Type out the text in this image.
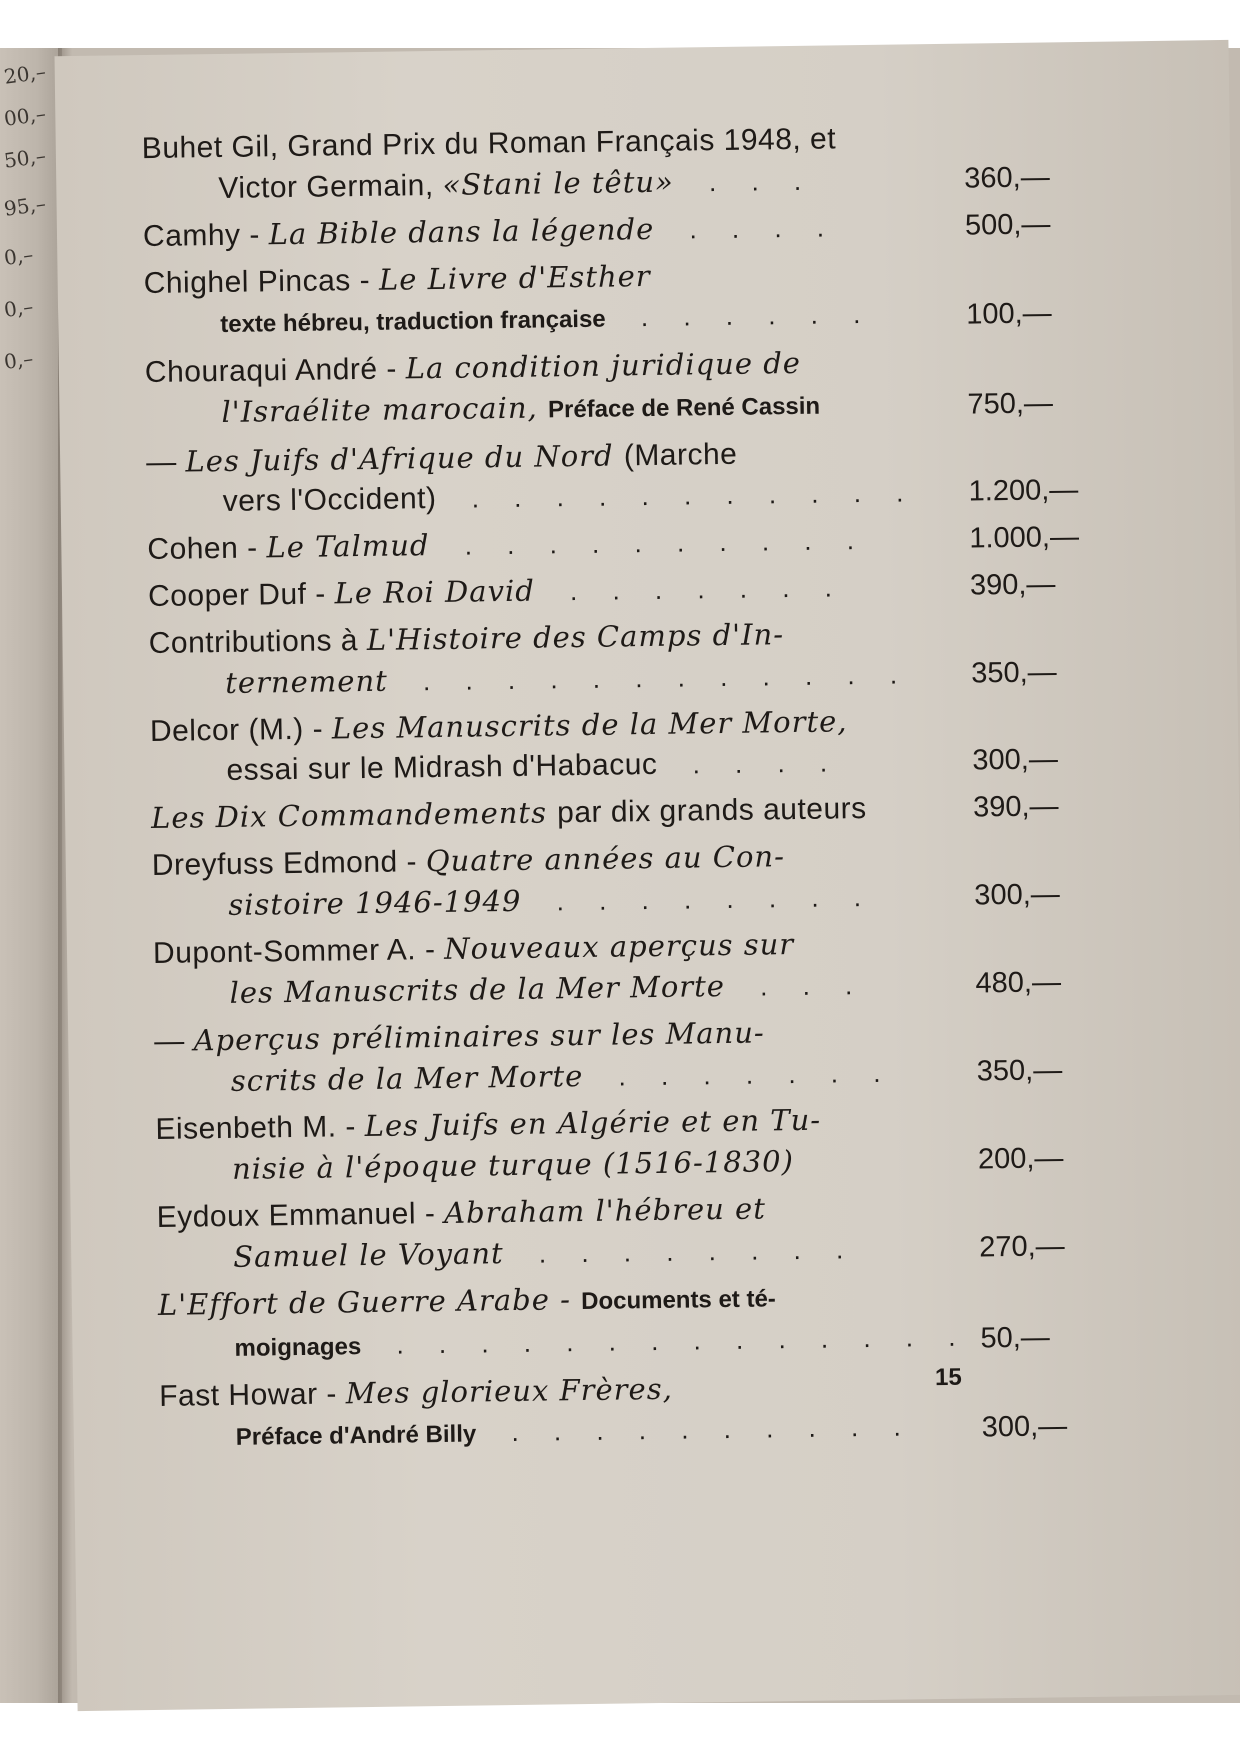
20,–
00,–
50,–
95,–
0,–
0,–
0,–
Buhet Gil, Grand Prix du Roman Français 1948, et
Victor Germain, «Stani le têtu» . . .	360,—
Camhy - La Bible dans la légende . . . .	500,—
Chighel Pincas - Le Livre d'Esther
texte hébreu, traduction française . . . . . .	100,—
Chouraqui André - La condition juridique de
l'Israélite marocain, Préface de René Cassin	750,—
— Les Juifs d'Afrique du Nord (Marche
vers l'Occident) . . . . . . . . . . .	1.200,—
Cohen - Le Talmud . . . . . . . . . .	1.000,—
Cooper Duf - Le Roi David . . . . . . .	390,—
Contributions à L'Histoire des Camps d'In-
ternement . . . . . . . . . . . .	350,—
Delcor (M.) - Les Manuscrits de la Mer Morte,
essai sur le Midrash d'Habacuc . . . .	300,—
Les Dix Commandements par dix grands auteurs	390,—
Dreyfuss Edmond - Quatre années au Con-
sistoire 1946-1949 . . . . . . . .	300,—
Dupont-Sommer A. - Nouveaux aperçus sur
les Manuscrits de la Mer Morte . . .	480,—
— Aperçus préliminaires sur les Manu-
scrits de la Mer Morte . . . . . . .	350,—
Eisenbeth M. - Les Juifs en Algérie et en Tu-
nisie à l'époque turque (1516-1830)	200,—
Eydoux Emmanuel - Abraham l'hébreu et
Samuel le Voyant . . . . . . . .	270,—
L'Effort de Guerre Arabe - Documents et té-
moignages . . . . . . . . . . . . . . 50,—
Fast Howar - Mes glorieux Frères,
Préface d'André Billy . . . . . . . . . .	300,—
15
